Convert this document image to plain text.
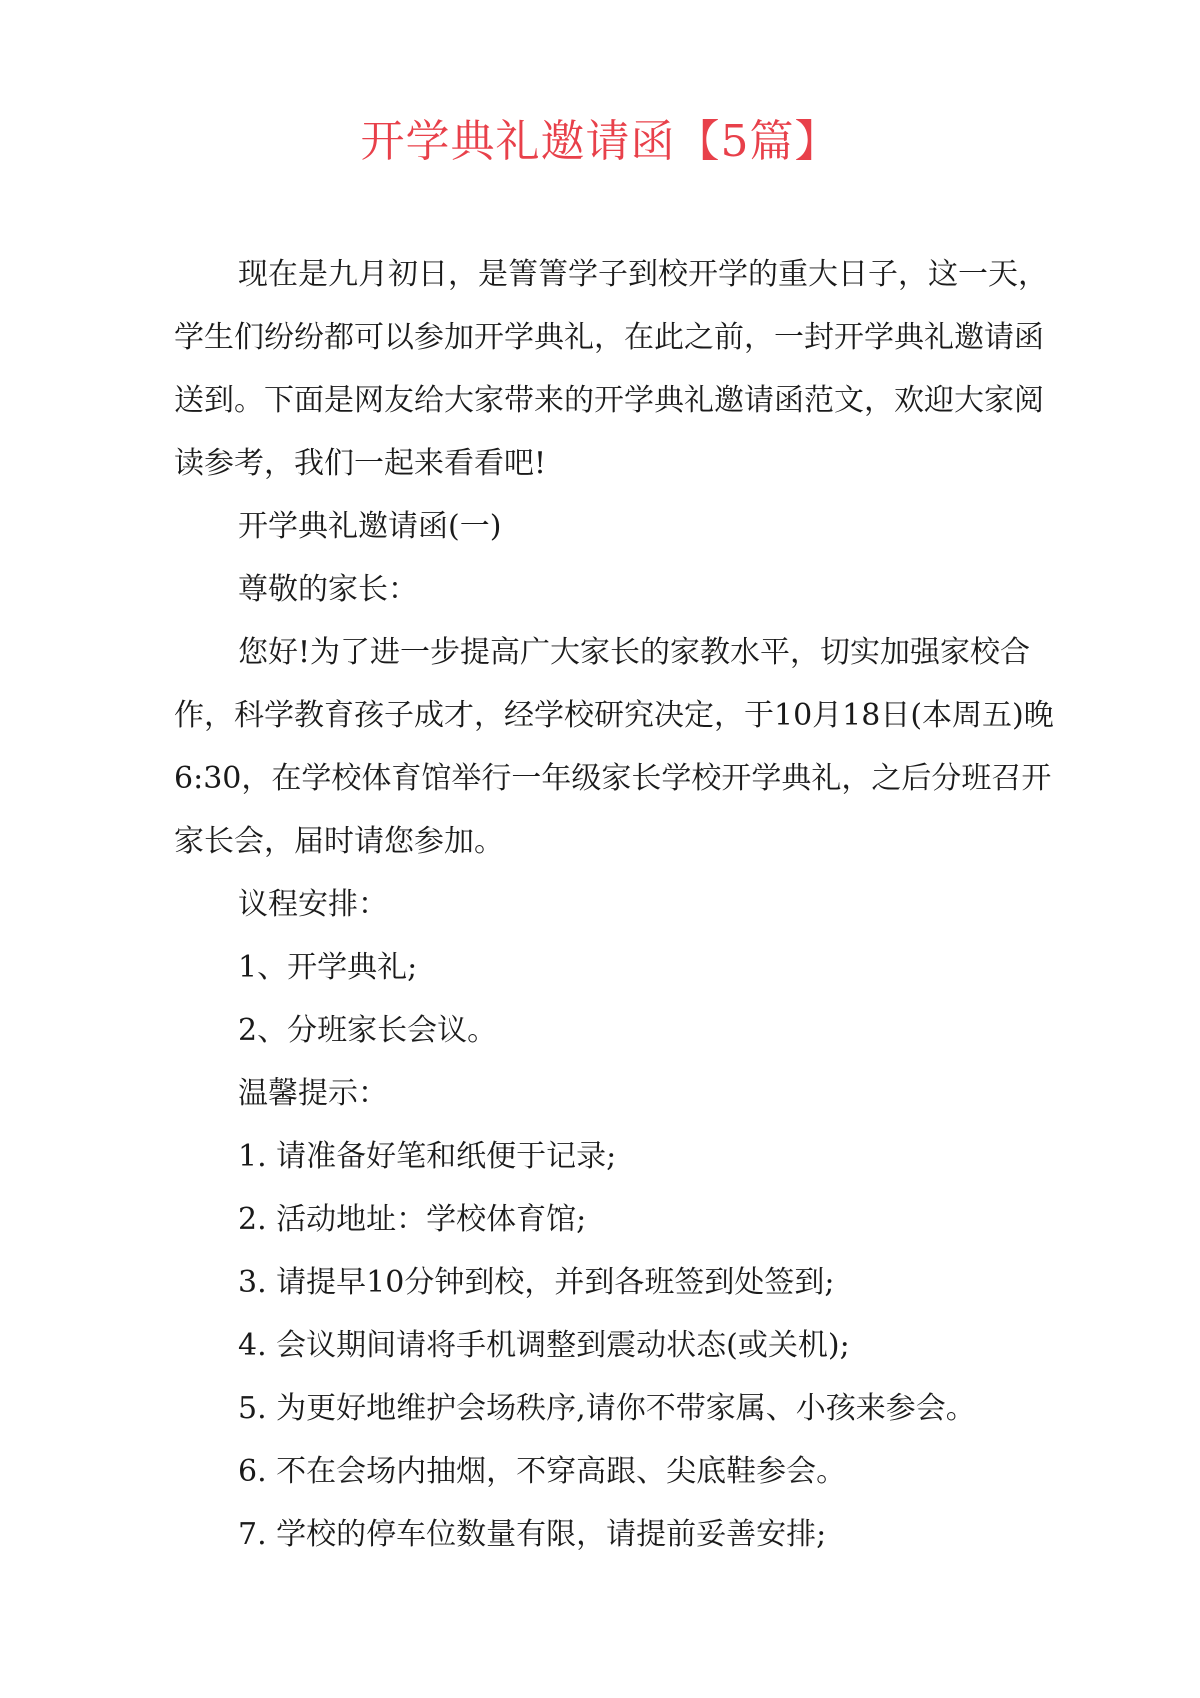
开学典礼邀请函【5篇】

现在是九月初日，是箐箐学子到校开学的重大日子，这一天，学生们纷纷都可以参加开学典礼，在此之前，一封开学典礼邀请函送到。下面是网友给大家带来的开学典礼邀请函范文，欢迎大家阅读参考，我们一起来看看吧!

开学典礼邀请函(一)

尊敬的家长：

您好!为了进一步提高广大家长的家教水平，切实加强家校合作，科学教育孩子成才，经学校研究决定，于10月18日(本周五)晚6:30，在学校体育馆举行一年级家长学校开学典礼，之后分班召开家长会，届时请您参加。

议程安排：

1、开学典礼;

2、分班家长会议。

温馨提示：

1. 请准备好笔和纸便于记录;

2. 活动地址：学校体育馆;

3. 请提早10分钟到校，并到各班签到处签到;

4. 会议期间请将手机调整到震动状态(或关机);

5. 为更好地维护会场秩序,请你不带家属、小孩来参会。

6. 不在会场内抽烟，不穿高跟、尖底鞋参会。

7. 学校的停车位数量有限，请提前妥善安排;
